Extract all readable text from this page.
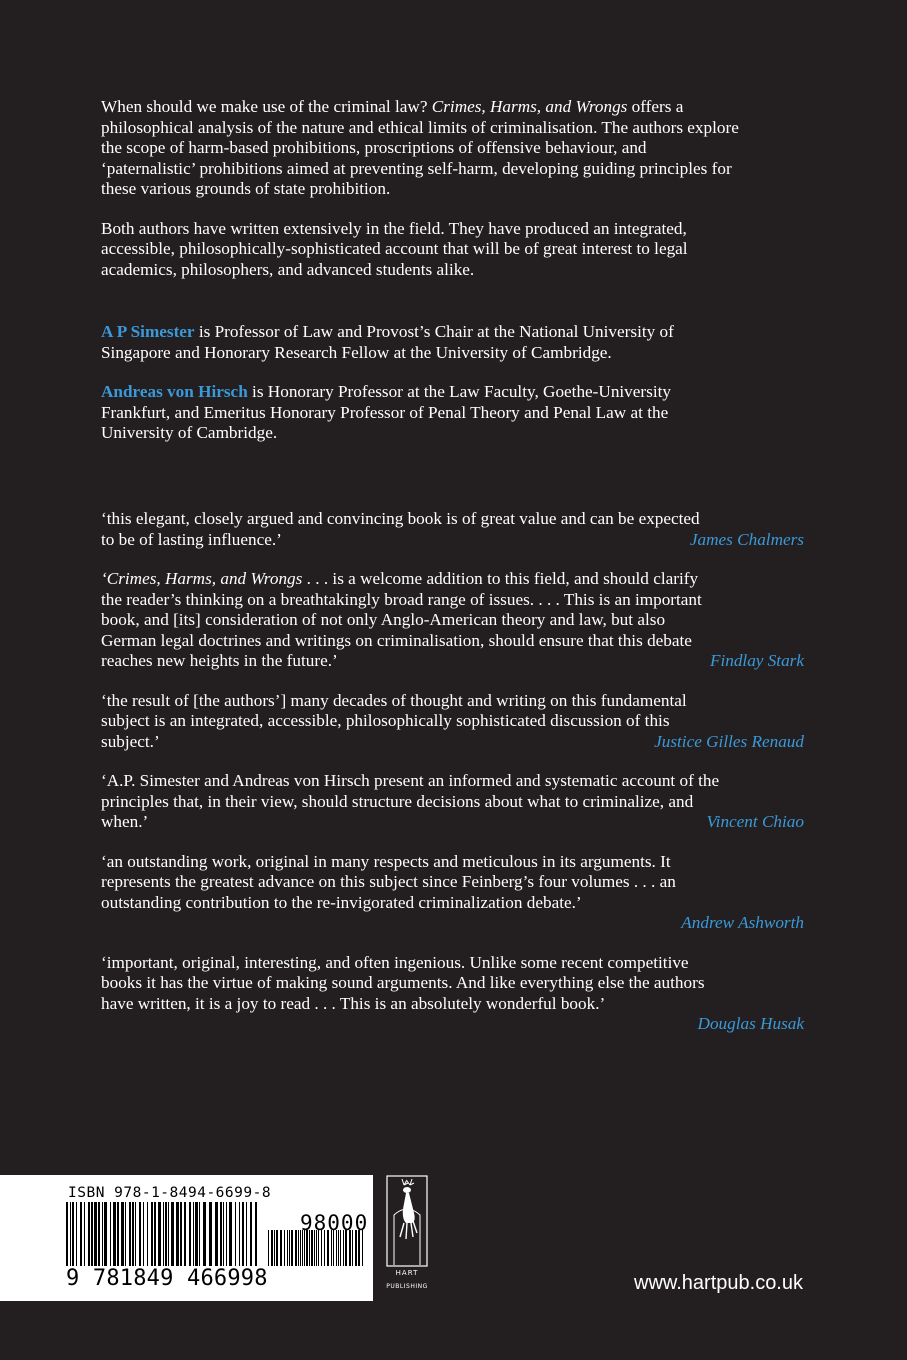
When should we make use of the criminal law? Crimes, Harms, and Wrongs offers a philosophical analysis of the nature and ethical limits of criminalisation. The authors explore the scope of harm-based prohibitions, proscriptions of offensive behaviour, and ‘paternalistic’ prohibitions aimed at preventing self-harm, developing guiding principles for these various grounds of state prohibition.

Both authors have written extensively in the field. They have produced an integrated, accessible, philosophically-sophisticated account that will be of great interest to legal academics, philosophers, and advanced students alike.

A P Simester is Professor of Law and Provost’s Chair at the National University of Singapore and Honorary Research Fellow at the University of Cambridge.

Andreas von Hirsch is Honorary Professor at the Law Faculty, Goethe-University Frankfurt, and Emeritus Honorary Professor of Penal Theory and Penal Law at the University of Cambridge.

‘this elegant, closely argued and convincing book is of great value and can be expected to be of lasting influence.’	James Chalmers
‘Crimes, Harms, and Wrongs . . . is a welcome addition to this field, and should clarify the reader’s thinking on a breathtakingly broad range of issues. . . . This is an important book, and [its] consideration of not only Anglo-American theory and law, but also German legal doctrines and writings on criminalisation, should ensure that this debate reaches new heights in the future.’	Findlay Stark
‘the result of [the authors’] many decades of thought and writing on this fundamental subject is an integrated, accessible, philosophically sophisticated discussion of this subject.’	Justice Gilles Renaud
‘A.P. Simester and Andreas von Hirsch present an informed and systematic account of the principles that, in their view, should structure decisions about what to criminalize, and when.’	Vincent Chiao
‘an outstanding work, original in many respects and meticulous in its arguments. It represents the greatest advance on this subject since Feinberg’s four volumes . . . an outstanding contribution to the re-invigorated criminalization debate.’
Andrew Ashworth
‘important, original, interesting, and often ingenious. Unlike some recent competitive books it has the virtue of making sound arguments. And like everything else the authors have written, it is a joy to read . . . This is an absolutely wonderful book.’
Douglas Husak
ISBN 978-1-8494-6699-8
9 781849 466998
98000
HART
PUBLISHING	www.hartpub.co.uk
